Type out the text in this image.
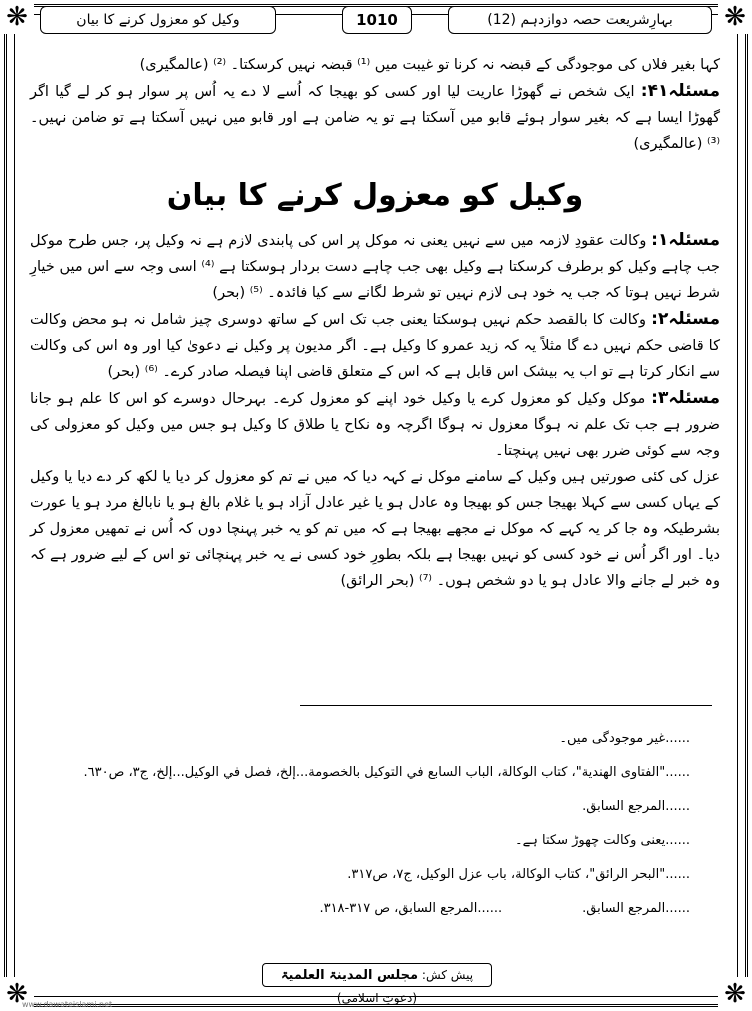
❋	❋
❋	❋
بہارِشریعت حصہ دوازدہم (12)
1010
وکیل کو معزول کرنے کا بیان

کہا بغیر فلاں کی موجودگی کے قبضہ نہ کرنا تو غیبت میں ⁽¹⁾ قبضہ نہیں کرسکتا۔ ⁽²⁾ (عالمگیری)

مسئلہ۴۱: ایک شخص نے گھوڑا عاریت لیا اور کسی کو بھیجا کہ اُسے لا دے یہ اُس پر سوار ہو کر لے گیا اگر گھوڑا ایسا ہے کہ بغیر سوار ہوئے قابو میں آسکتا ہے تو یہ ضامن ہے اور قابو میں نہیں آسکتا ہے تو ضامن نہیں۔ ⁽³⁾ (عالمگیری)

وکیل کو معزول کرنے کا بیان

مسئلہ۱: وکالت عقودِ لازمہ میں سے نہیں یعنی نہ موکل پر اس کی پابندی لازم ہے نہ وکیل پر، جس طرح موکل جب چاہے وکیل کو برطرف کرسکتا ہے وکیل بھی جب چاہے دست بردار ہوسکتا ہے ⁽⁴⁾ اسی وجہ سے اس میں خیارِ شرط نہیں ہوتا کہ جب یہ خود ہی لازم نہیں تو شرط لگانے سے کیا فائدہ۔ ⁽⁵⁾ (بحر)

مسئلہ۲: وکالت کا بالقصد حکم نہیں ہوسکتا یعنی جب تک اس کے ساتھ دوسری چیز شامل نہ ہو محض وکالت کا قاضی حکم نہیں دے گا مثلاً یہ کہ زید عمرو کا وکیل ہے۔ اگر مدیون پر وکیل نے دعویٰ کیا اور وہ اس کی وکالت سے انکار کرتا ہے تو اب یہ بیشک اس قابل ہے کہ اس کے متعلق قاضی اپنا فیصلہ صادر کرے۔ ⁽⁶⁾ (بحر)

مسئلہ۳: موکل وکیل کو معزول کرے یا وکیل خود اپنے کو معزول کرے۔ بہرحال دوسرے کو اس کا علم ہو جانا ضرور ہے جب تک علم نہ ہوگا معزول نہ ہوگا اگرچہ وہ نکاح یا طلاق کا وکیل ہو جس میں وکیل کو معزولی کی وجہ سے کوئی ضرر بھی نہیں پہنچتا۔

عزل کی کئی صورتیں ہیں وکیل کے سامنے موکل نے کہہ دیا کہ میں نے تم کو معزول کر دیا یا لکھ کر دے دیا یا وکیل کے یہاں کسی سے کہلا بھیجا جس کو بھیجا وہ عادل ہو یا غیر عادل آزاد ہو یا غلام بالغ ہو یا نابالغ مرد ہو یا عورت بشرطیکہ وہ جا کر یہ کہے کہ موکل نے مجھے بھیجا ہے کہ میں تم کو یہ خبر پہنچا دوں کہ اُس نے تمھیں معزول کر دیا۔ اور اگر اُس نے خود کسی کو نہیں بھیجا ہے بلکہ بطورِ خود کسی نے یہ خبر پہنچائی تو اس کے لیے ضرور ہے کہ وہ خبر لے جانے والا عادل ہو یا دو شخص ہوں۔ ⁽⁷⁾ (بحر الرائق)

......غیر موجودگی میں۔

......"الفتاوی الهندية"، كتاب الوكالة، الباب السابع في التوكيل بالخصومة...إلخ، فصل في الوكيل...إلخ، ج٣، ص٦٣٠.

......المرجع السابق.

......یعنی وکالت چھوڑ سکتا ہے۔

......"البحر الرائق"، كتاب الوكالة، باب عزل الوكيل، ج٧، ص٣١٧.

......المرجع السابق.
......المرجع السابق، ص ٣١٧-٣١٨.
پیش کش: مجلس المدینۃ العلمیۃ (دعوتِ اسلامی)
www.dawateislami.net
